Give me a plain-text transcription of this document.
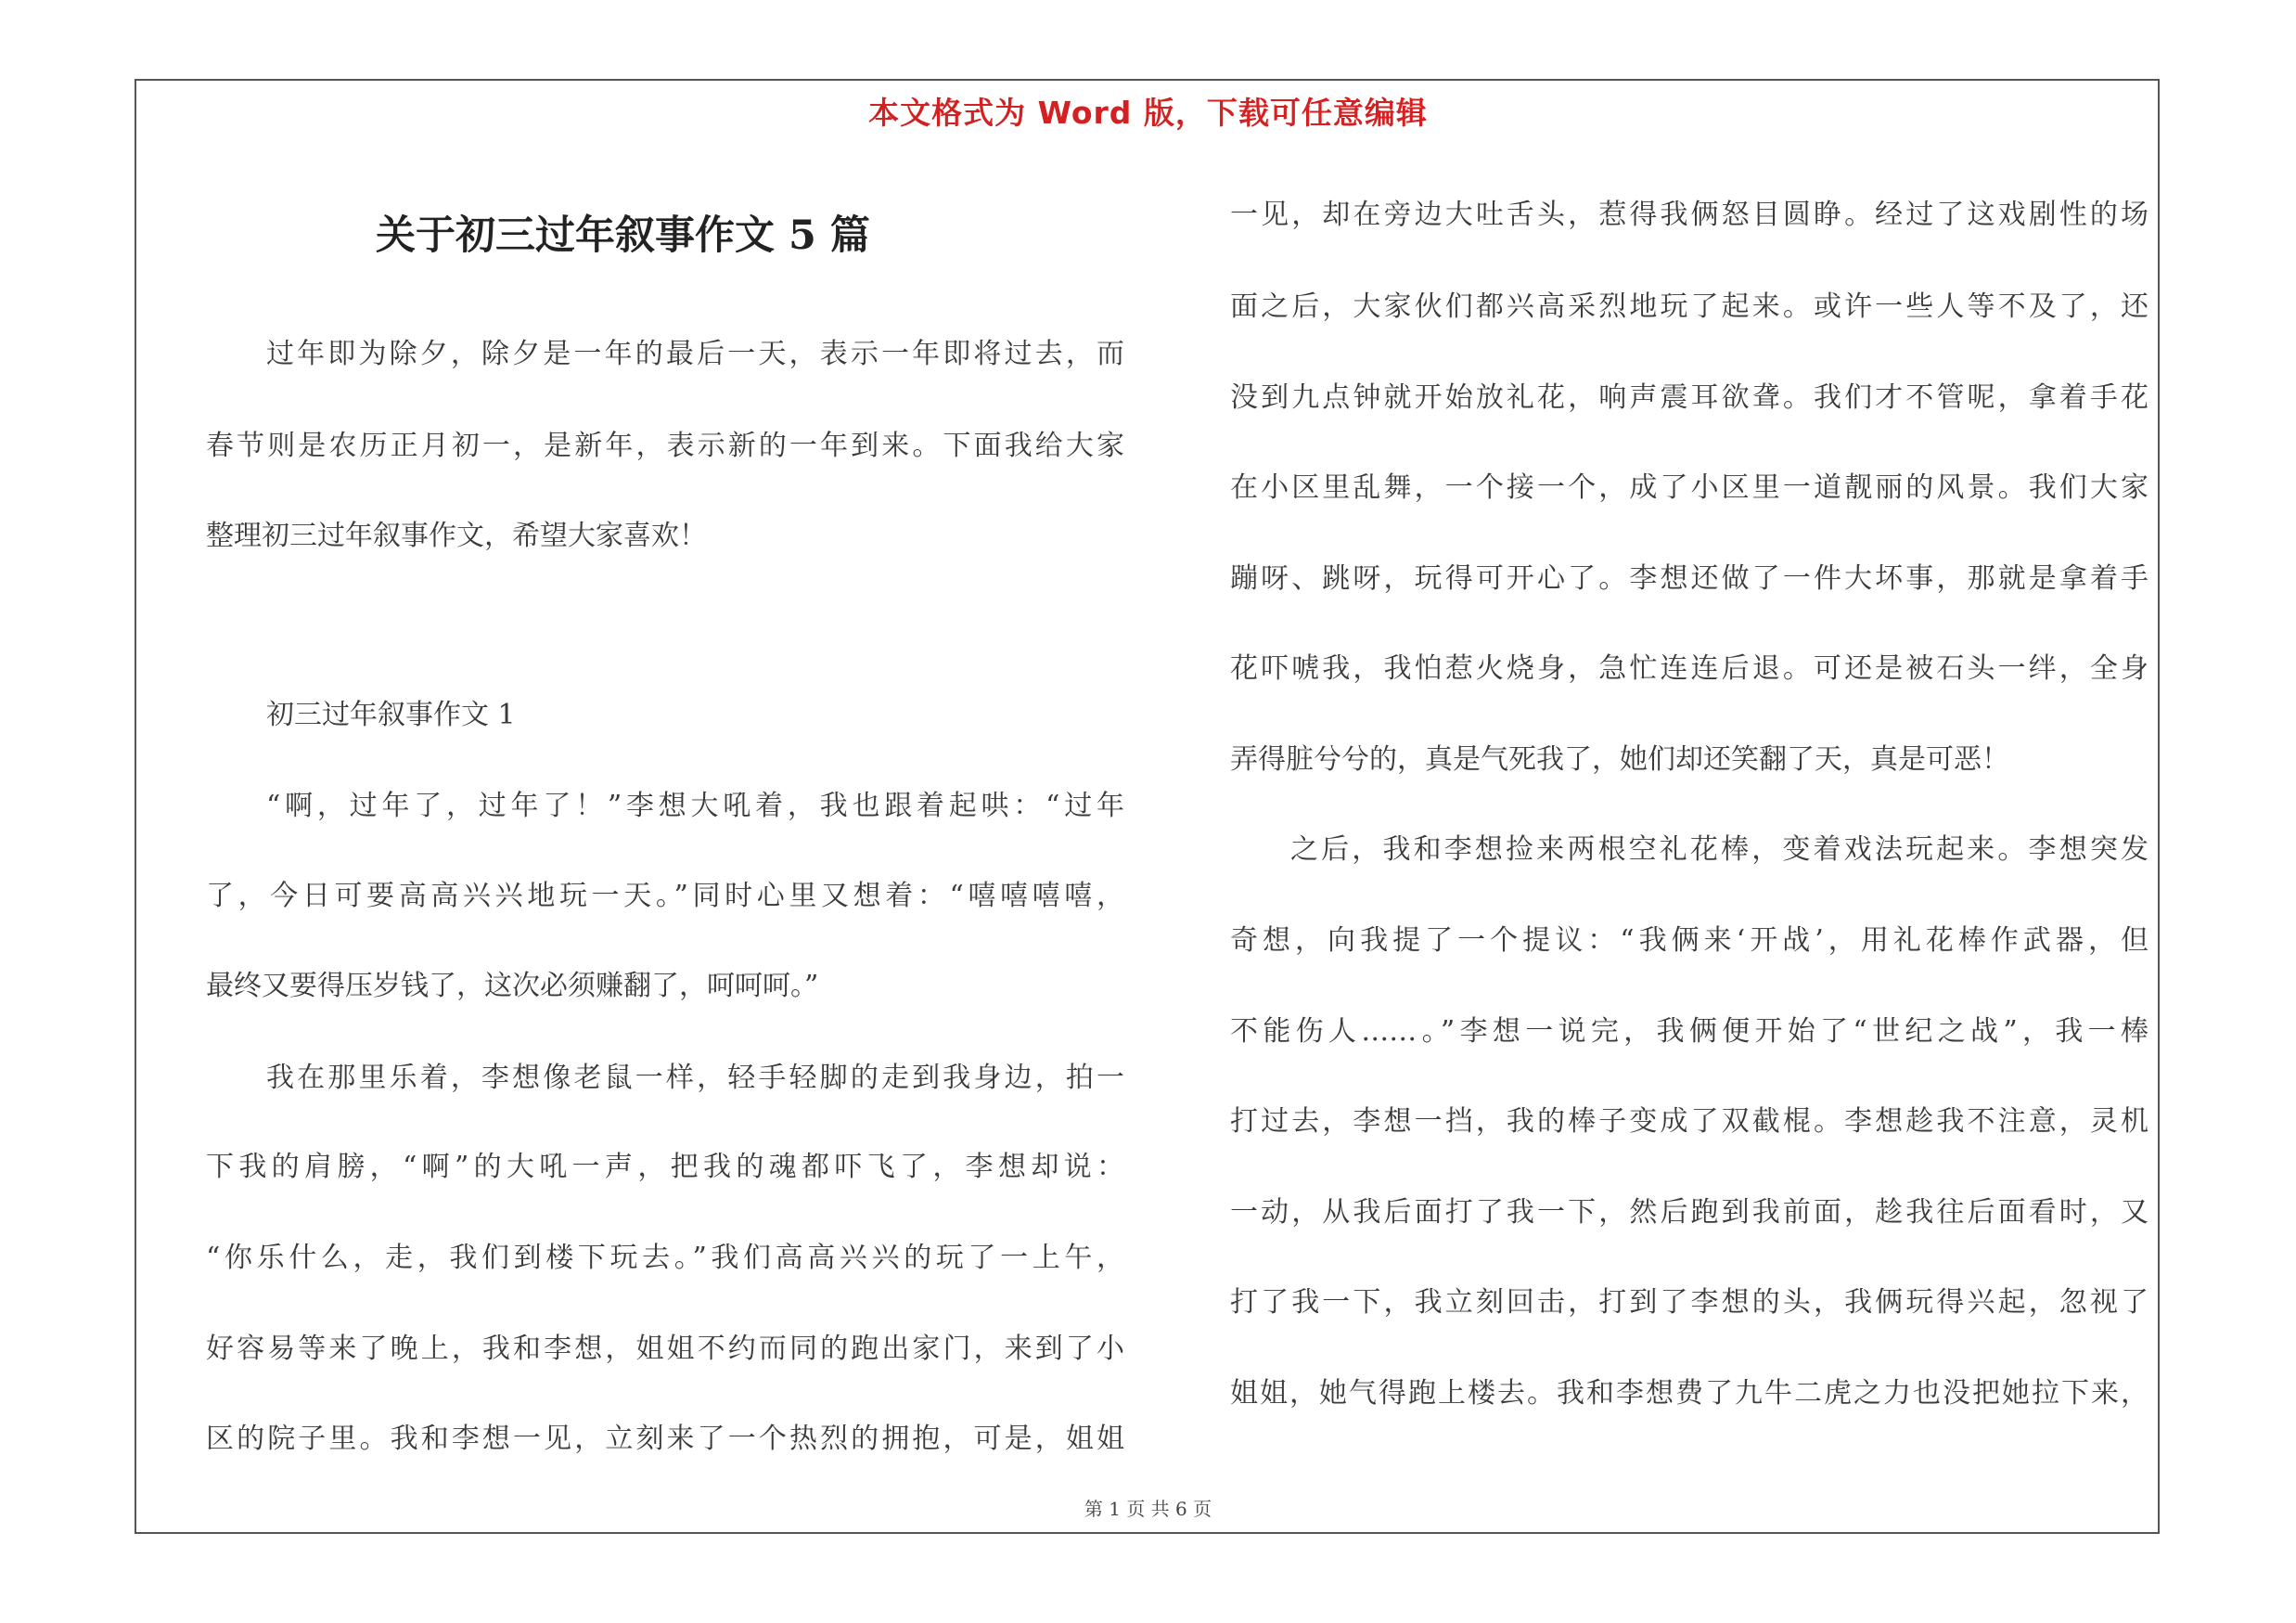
本文格式为 Word 版，下载可任意编辑
关于初三过年叙事作文 5 篇
过年即为除夕，除夕是一年的最后一天，表示一年即将过去，而
春节则是农历正月初一，是新年，表示新的一年到来。下面我给大家
整理初三过年叙事作文，希望大家喜欢！
初三过年叙事作文 1
“啊，过年了，过年了！”李想大吼着，我也跟着起哄：“过年
了，今日可要高高兴兴地玩一天。”同时心里又想着：“嘻嘻嘻嘻，
最终又要得压岁钱了，这次必须赚翻了，呵呵呵。”
我在那里乐着，李想像老鼠一样，轻手轻脚的走到我身边，拍一
下我的肩膀，“啊”的大吼一声，把我的魂都吓飞了，李想却说：
“你乐什么，走，我们到楼下玩去。”我们高高兴兴的玩了一上午，
好容易等来了晚上，我和李想，姐姐不约而同的跑出家门，来到了小
区的院子里。我和李想一见，立刻来了一个热烈的拥抱，可是，姐姐
一见，却在旁边大吐舌头，惹得我俩怒目圆睁。经过了这戏剧性的场
面之后，大家伙们都兴高采烈地玩了起来。或许一些人等不及了，还
没到九点钟就开始放礼花，响声震耳欲聋。我们才不管呢，拿着手花
在小区里乱舞，一个接一个，成了小区里一道靓丽的风景。我们大家
蹦呀、跳呀，玩得可开心了。李想还做了一件大坏事，那就是拿着手
花吓唬我，我怕惹火烧身，急忙连连后退。可还是被石头一绊，全身
弄得脏兮兮的，真是气死我了，她们却还笑翻了天，真是可恶！
之后，我和李想捡来两根空礼花棒，变着戏法玩起来。李想突发
奇想，向我提了一个提议：“我俩来‘开战’，用礼花棒作武器，但
不能伤人……。”李想一说完，我俩便开始了“世纪之战”，我一棒
打过去，李想一挡，我的棒子变成了双截棍。李想趁我不注意，灵机
一动，从我后面打了我一下，然后跑到我前面，趁我往后面看时，又
打了我一下，我立刻回击，打到了李想的头，我俩玩得兴起，忽视了
姐姐，她气得跑上楼去。我和李想费了九牛二虎之力也没把她拉下来，
第 1 页 共 6 页
